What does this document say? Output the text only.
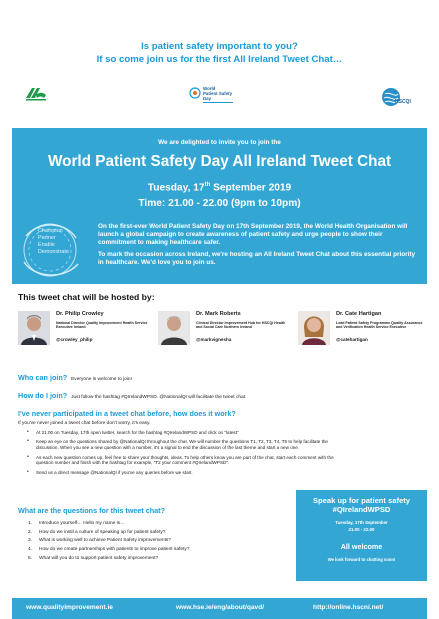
Is patient safety important to you?
If so come join us for the first All Ireland Tweet Chat…
World
Patient Safety
Day
HSCQI
We are delighted to invite you to join the
World Patient Safety Day All Ireland Tweet Chat
Tuesday, 17th September 2019
Time: 21.00 - 22.00 (9pm to 10pm)
Champion
Partner
Enable
Demonstrate
On the first-ever World Patient Safety Day on 17th September 2019, the World Health Organisation will launch a global campaign to create awareness of patient safety and urge people to show their commitment to making healthcare safer.
To mark the occasion across Ireland, we're hosting an All Ireland Tweet Chat about this essential priority in healthcare. We'd love you to join us.
This tweet chat will be hosted by:
Dr. Philip Crowley
National Director Quality Improvement Health Service Executive Ireland
@crowley_philip
Dr. Mark Roberts
Clinical Director Improvement Hub for HSCQI Health and Social Care Northern Ireland
@markvignesha
Dr. Cate Hartigan
Lead Patient Safety Programme Quality Assurance and Verification Health Service Executive
@catehartigan
Who can join? Everyone is welcome to join!
How do I join? Just follow the hashtag #QIrelandWPSD. @NationalQI will facilitate the tweet chat.
I've never participated in a tweet chat before, how does it work?
If you've never joined a tweet chat before don't worry, it's easy.
• At 21.00 on Tuesday, 17th open twitter, search for the hashtag #QIrelandWPSD and click on "latest"
• Keep an eye on the questions shared by @NationalQI throughout the chat. We will number the questions T1, T2, T3, T4, T5 to help facilitate the discussion. When you see a new question with a number, it's a signal to end the discussion of the last theme and start a new one.
• As each new question comes up, feel free to share your thoughts, ideas. To help others know you are part of the chat, start each comment with the question number and finish with the hashtag for example, "T2 your comment #QIrelandWPSD".
• Send us a direct message @NationalQI if you've any queries before we start.
What are the questions for this tweet chat?
1.	Introduce yourself… Hello my name is…
2.	How do we instil a culture of speaking up for patient safety?
3.	What is working well to achieve Patient Safety improvements?
4.	How do we create partnerships with patients to improve patient safety?
5.	What will you do to support patient safety improvement?
Speak up for patient safety
#QIrelandWPSD
Tuesday, 17th September
21.00 - 22.00
All welcome
We look forward to chatting soon!
www.qualityimprovement.ie	www.hse.ie/eng/about/qavd/	http://online.hscni.net/
